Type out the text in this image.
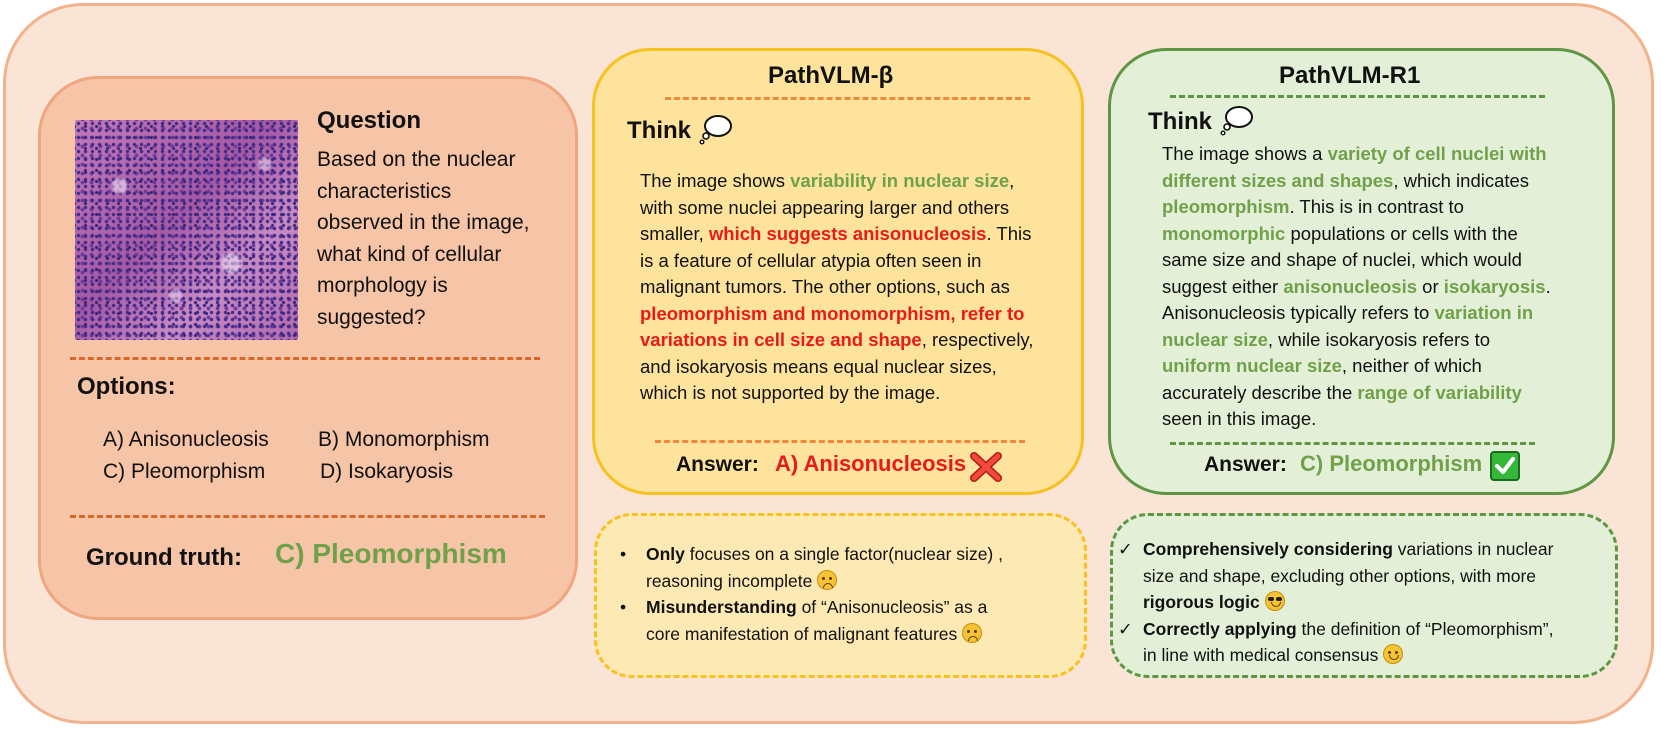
Question
Based on the nuclear
characteristics
observed in the image,
what kind of cellular
morphology is
suggested?
Options:
A) Anisonucleosis B) Monomorphism
C) Pleomorphism	D) Isokaryosis
Ground truth: C) Pleomorphism
PathVLM-β
Think
The image shows variability in nuclear size,
with some nuclei appearing larger and others
smaller, which suggests anisonucleosis. This
is a feature of cellular atypia often seen in
malignant tumors. The other options, such as
pleomorphism and monomorphism, refer to
variations in cell size and shape, respectively,
and isokaryosis means equal nuclear sizes,
which is not supported by the image.
Answer: A) Anisonucleosis
PathVLM-R1
Think
The image shows a variety of cell nuclei with
different sizes and shapes, which indicates
pleomorphism. This is in contrast to
monomorphic populations or cells with the
same size and shape of nuclei, which would
suggest either anisonucleosis or isokaryosis.
Anisonucleosis typically refers to variation in
nuclear size, while isokaryosis refers to
uniform nuclear size, neither of which
accurately describe the range of variability
seen in this image.
Answer: C) Pleomorphism
• Only focuses on a single factor(nuclear size) ,
reasoning incomplete
• Misunderstanding of “Anisonucleosis” as a
core manifestation of malignant features
✓ Comprehensively considering variations in nuclear
size and shape, excluding other options, with more
rigorous logic
✓ Correctly applying the definition of “Pleomorphism”,
in line with medical consensus
